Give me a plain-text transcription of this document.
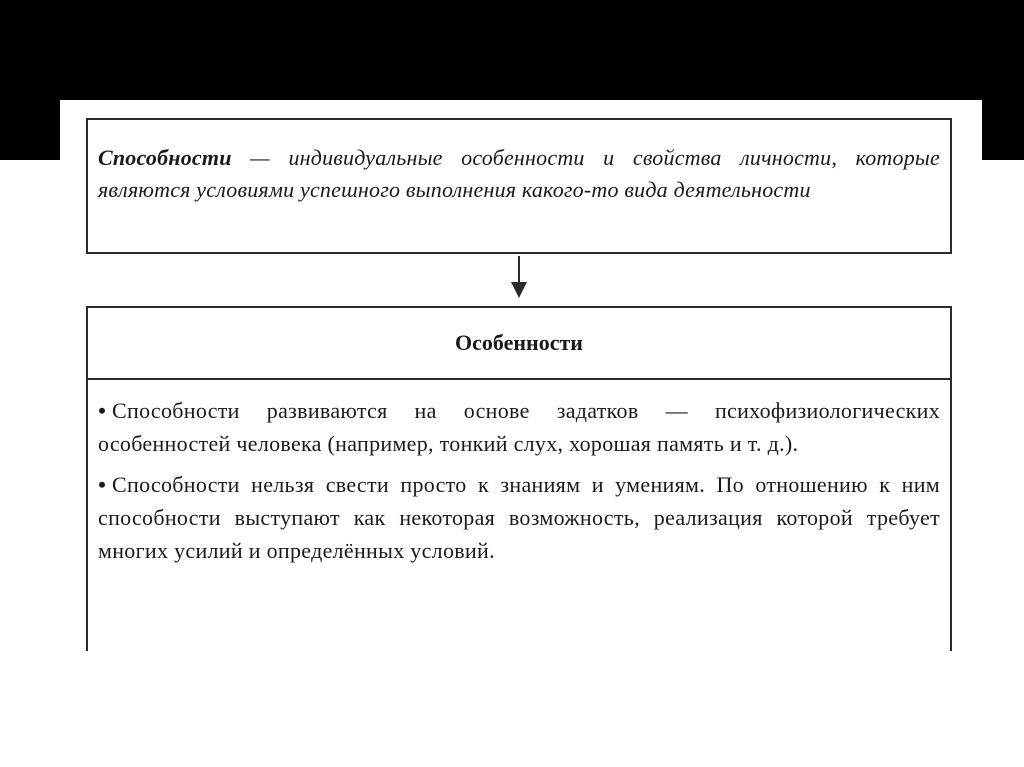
Способности — индивидуальные особенности и свойства личности, которые являются условиями успешного выполнения какого-то вида деятельности

Особенности

• Способности развиваются на основе задатков — психофизиологических особенностей человека (например, тонкий слух, хорошая память и т. д.).

• Способности нельзя свести просто к знаниям и умениям. По отношению к ним способности выступают как некоторая возможность, реализация которой требует многих усилий и определённых условий.
